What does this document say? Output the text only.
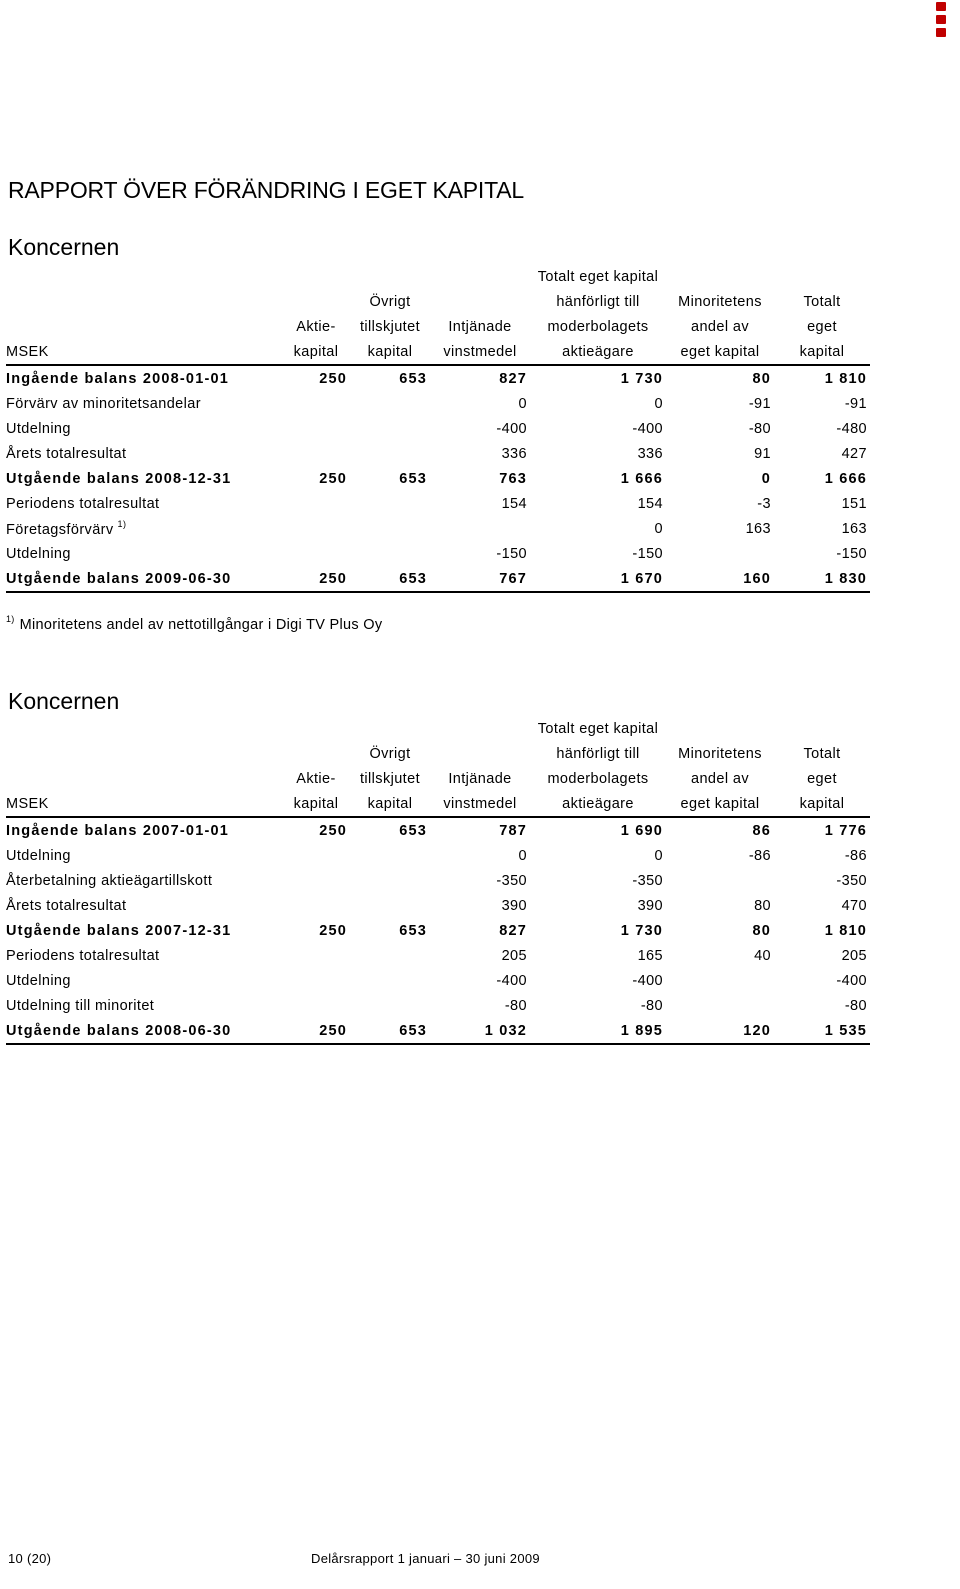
RAPPORT ÖVER FÖRÄNDRING I EGET KAPITAL
Koncernen
				Totalt eget kapital		
		Övrigt		hänförligt till	Minoritetens	Totalt
	Aktie-	tillskjutet	Intjänade	moderbolagets	andel av	eget
MSEK	kapital	kapital	vinstmedel	aktieägare	eget kapital	kapital
Ingående balans 2008-01-01	250	653	827	1 730	80	1 810
Förvärv av minoritetsandelar			0	0	-91	-91
Utdelning			-400	-400	-80	-480
Årets totalresultat			336	336	91	427
Utgående balans 2008-12-31	250	653	763	1 666	0	1 666
Periodens totalresultat			154	154	-3	151
Företagsförvärv $^{1)}$				0	163	163
Utdelning			-150	-150		-150
Utgående balans 2009-06-30	250	653	767	1 670	160	1 830
$^{1)}$ Minoritetens andel av nettotillgångar i Digi TV Plus Oy
Koncernen
				Totalt eget kapital		
		Övrigt		hänförligt till	Minoritetens	Totalt
	Aktie-	tillskjutet	Intjänade	moderbolagets	andel av	eget
MSEK	kapital	kapital	vinstmedel	aktieägare	eget kapital	kapital
Ingående balans 2007-01-01	250	653	787	1 690	86	1 776
Utdelning			0	0	-86	-86
Återbetalning aktieägartillskott			-350	-350		-350
Årets totalresultat			390	390	80	470
Utgående balans 2007-12-31	250	653	827	1 730	80	1 810
Periodens totalresultat			205	165	40	205
Utdelning			-400	-400		-400
Utdelning till minoritet			-80	-80		-80
Utgående balans 2008-06-30	250	653	1 032	1 895	120	1 535
10 (20)	Delårsrapport 1 januari – 30 juni 2009
